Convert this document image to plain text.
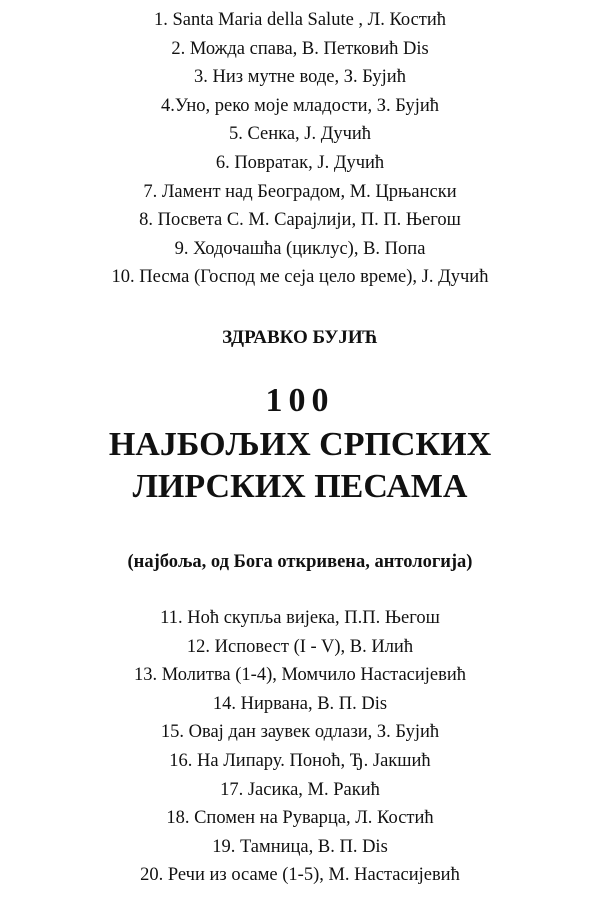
1. Santa Maria della Salute , Л. Костић
2. Можда спава, В. Петковић Dis
3. Низ мутне воде, З. Бујић
4.Уно, реко моје младости, З. Бујић
5. Сенка, Ј. Дучић
6. Повратак, Ј. Дучић
7. Ламент над Београдом, М. Црњански
8. Посвета С. М. Сарајлији, П. П. Његош
9. Ходочашћа (циклус), В. Попа
10. Песма (Господ ме сеја цело време), Ј. Дучић
ЗДРАВКО БУЈИЋ
100
НАЈБОЉИХ СРПСКИХ
ЛИРСКИХ ПЕСАМА
(најбоља, од Бога откривена, антологија)
11. Ноћ скупља вијека, П.П. Његош
12. Исповест (I - V), В. Илић
13. Молитва (1-4), Момчило Настасијевић
14. Нирвана, В. П. Dis
15. Овај дан заувек одлази, З. Бујић
16. На Липару. Поноћ, Ђ. Јакшић
17. Јасика, М. Ракић
18. Спомен на Руварца, Л. Костић
19. Тамница, В. П. Dis
20. Речи из осаме (1-5), М. Настасијевић
